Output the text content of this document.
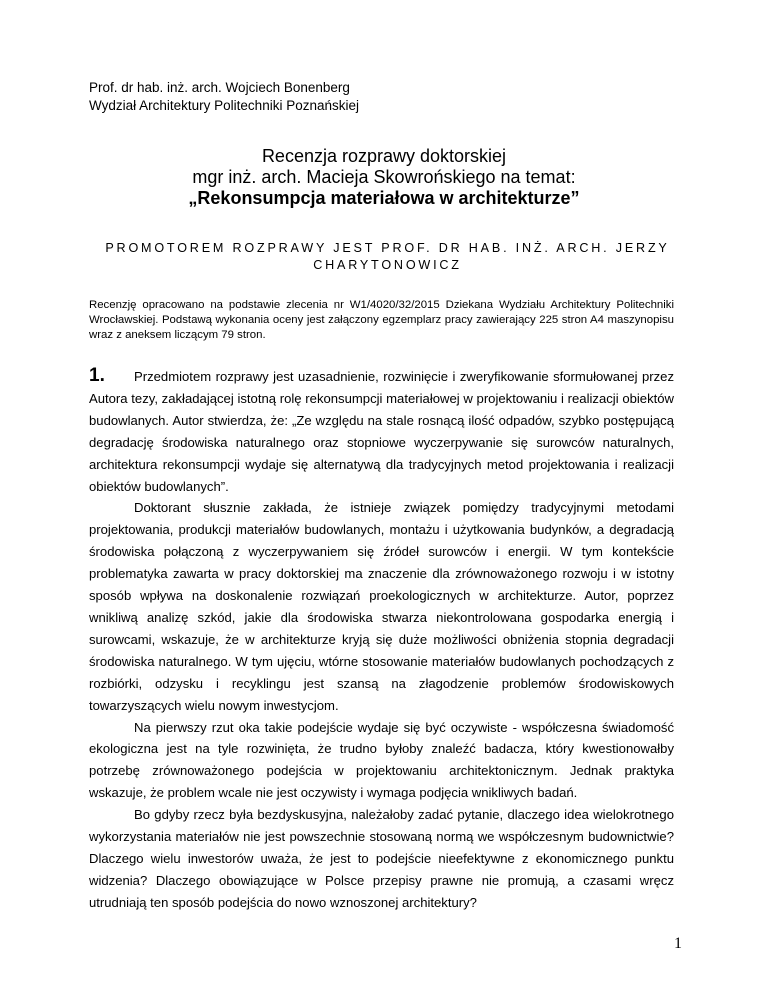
Prof. dr hab. inż. arch. Wojciech Bonenberg
Wydział Architektury Politechniki Poznańskiej
Recenzja rozprawy doktorskiej
mgr inż. arch. Macieja Skowrońskiego na temat:
„Rekonsumpcja materiałowa w architekturze”
PROMOTOREM ROZPRAWY JEST PROF. DR HAB. INŻ. ARCH. JERZY CHARYTONOWICZ
Recenzję opracowano na podstawie zlecenia nr W1/4020/32/2015 Dziekana Wydziału Architektury Politechniki Wrocławskiej. Podstawą wykonania oceny jest załączony egzemplarz pracy zawierający 225 stron A4 maszynopisu wraz z aneksem liczącym 79 stron.

1. Przedmiotem rozprawy jest uzasadnienie, rozwinięcie i zweryfikowanie sformułowanej przez Autora tezy, zakładającej istotną rolę rekonsumpcji materiałowej w projektowaniu i realizacji obiektów budowlanych. Autor stwierdza, że: „Ze względu na stale rosnącą ilość odpadów, szybko postępującą degradację środowiska naturalnego oraz stopniowe wyczerpywanie się surowców naturalnych, architektura rekonsumpcji wydaje się alternatywą dla tradycyjnych metod projektowania i realizacji obiektów budowlanych”.

Doktorant słusznie zakłada, że istnieje związek pomiędzy tradycyjnymi metodami projektowania, produkcji materiałów budowlanych, montażu i użytkowania budynków, a degradacją środowiska połączoną z wyczerpywaniem się źródeł surowców i energii. W tym kontekście problematyka zawarta w pracy doktorskiej ma znaczenie dla zrównoważonego rozwoju i w istotny sposób wpływa na doskonalenie rozwiązań proekologicznych w architekturze. Autor, poprzez wnikliwą analizę szkód, jakie dla środowiska stwarza niekontrolowana gospodarka energią i surowcami, wskazuje, że w architekturze kryją się duże możliwości obniżenia stopnia degradacji środowiska naturalnego. W tym ujęciu, wtórne stosowanie materiałów budowlanych pochodzących z rozbiórki, odzysku i recyklingu jest szansą na złagodzenie problemów środowiskowych towarzyszących wielu nowym inwestycjom.

Na pierwszy rzut oka takie podejście wydaje się być oczywiste - współczesna świadomość ekologiczna jest na tyle rozwinięta, że trudno byłoby znaleźć badacza, który kwestionowałby potrzebę zrównoważonego podejścia w projektowaniu architektonicznym. Jednak praktyka wskazuje, że problem wcale nie jest oczywisty i wymaga podjęcia wnikliwych badań.

Bo gdyby rzecz była bezdyskusyjna, należałoby zadać pytanie, dlaczego idea wielokrotnego wykorzystania materiałów nie jest powszechnie stosowaną normą we współczesnym budownictwie? Dlaczego wielu inwestorów uważa, że jest to podejście nieefektywne z ekonomicznego punktu widzenia? Dlaczego obowiązujące w Polsce przepisy prawne nie promują, a czasami wręcz utrudniają ten sposób podejścia do nowo wznoszonej architektury?

1
